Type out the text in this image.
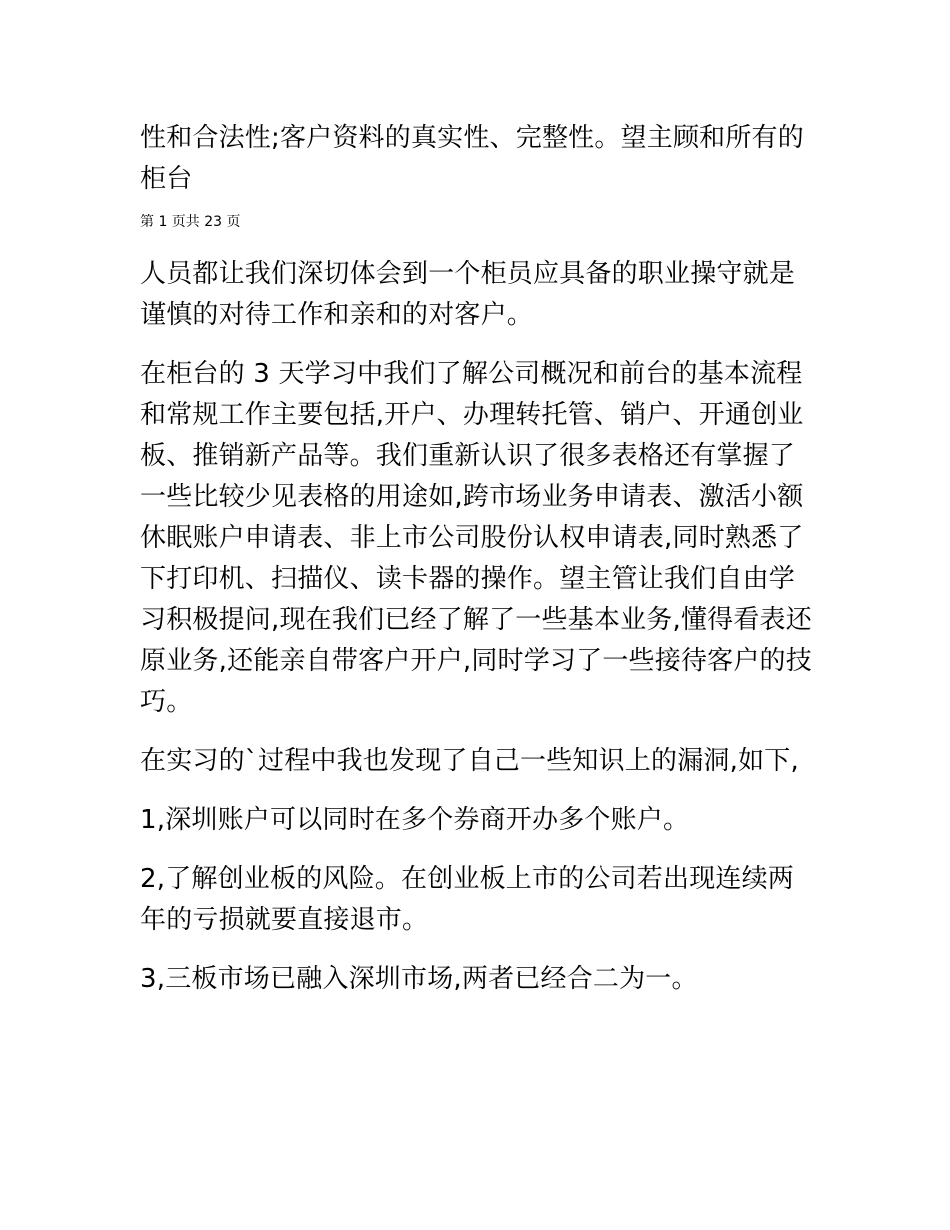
性和合法性;客户资料的真实性、完整性。望主顾和所有的柜台

第 1 页共 23 页

人员都让我们深切体会到一个柜员应具备的职业操守就是谨慎的对待工作和亲和的对客户。

在柜台的 3 天学习中我们了解公司概况和前台的基本流程和常规工作主要包括,开户、办理转托管、销户、开通创业板、推销新产品等。我们重新认识了很多表格还有掌握了一些比较少见表格的用途如,跨市场业务申请表、激活小额休眠账户申请表、非上市公司股份认权申请表,同时熟悉了下打印机、扫描仪、读卡器的操作。望主管让我们自由学习积极提问,现在我们已经了解了一些基本业务,懂得看表还原业务,还能亲自带客户开户,同时学习了一些接待客户的技巧。

在实习的`过程中我也发现了自己一些知识上的漏洞,如下,

1,深圳账户可以同时在多个券商开办多个账户。

2,了解创业板的风险。在创业板上市的公司若出现连续两年的亏损就要直接退市。

3,三板市场已融入深圳市场,两者已经合二为一。
